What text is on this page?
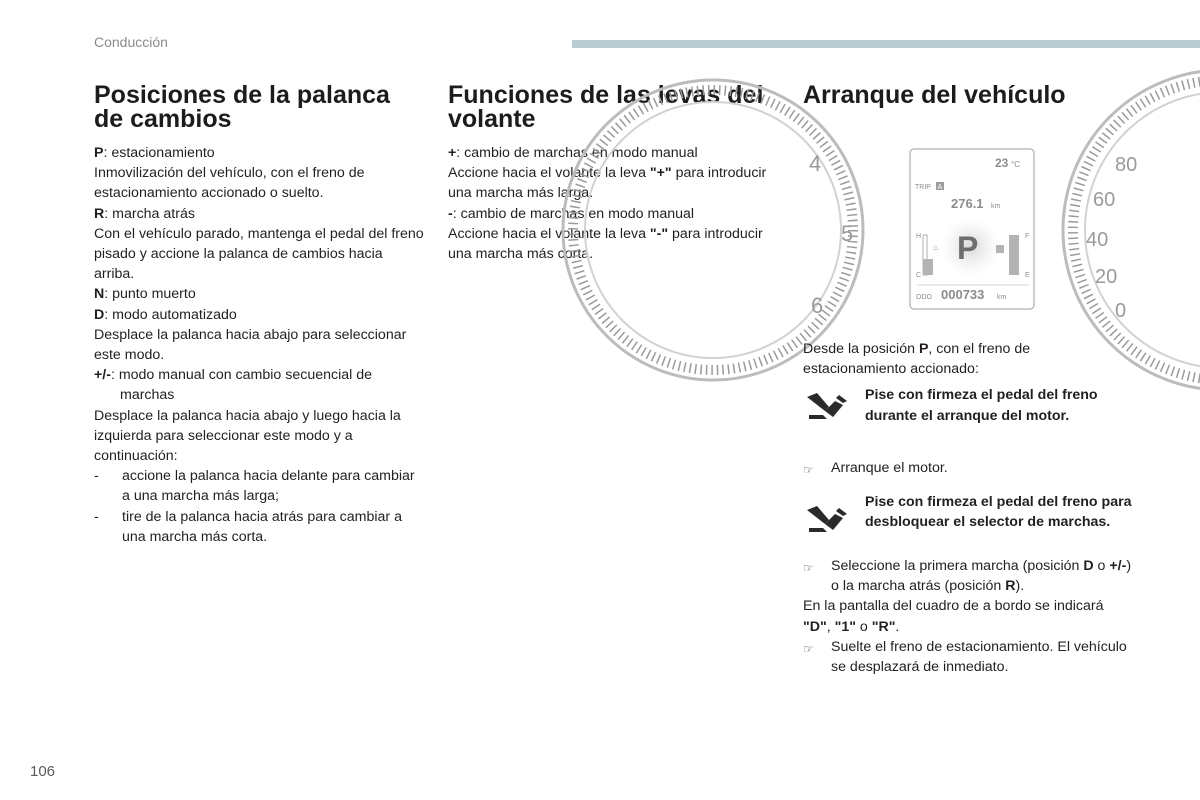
Conducción
Posiciones de la palanca de cambios

P: estacionamiento

Inmovilización del vehículo, con el freno de estacionamiento accionado o suelto.

R: marcha atrás

Con el vehículo parado, mantenga el pedal del freno pisado y accione la palanca de cambios hacia arriba.

N: punto muerto

D: modo automatizado

Desplace la palanca hacia abajo para seleccionar este modo.

+/-: modo manual con cambio secuencial de

marchas

Desplace la palanca hacia abajo y luego hacia la izquierda para seleccionar este modo y a continuación:

-	accione la palanca hacia delante para cambiar a una marcha más larga;
-	tire de la palanca hacia atrás para cambiar a una marcha más corta.
Funciones de las levas del volante

+: cambio de marchas en modo manual

Accione hacia el volante la leva "+" para introducir una marcha más larga.

-: cambio de marchas en modo manual

Accione hacia el volante la leva "-" para introducir una marcha más corta.

Arranque del vehículo
4
5
6
80
60
40
20
0
23 °C
TRIP A
276.1 km
P
H
C
♨
F
E
ODO 000733 km

Desde la posición P, con el freno de estacionamiento accionado:

Pise con firmeza el pedal del freno durante el arranque del motor.
☞	Arranque el motor.
Pise con firmeza el pedal del freno para desbloquear el selector de marchas.
☞	Seleccione la primera marcha (posición D o +/-) o la marcha atrás (posición R).

En la pantalla del cuadro de a bordo se indicará "D", "1" o "R".

☞	Suelte el freno de estacionamiento. El vehículo se desplazará de inmediato.
106
